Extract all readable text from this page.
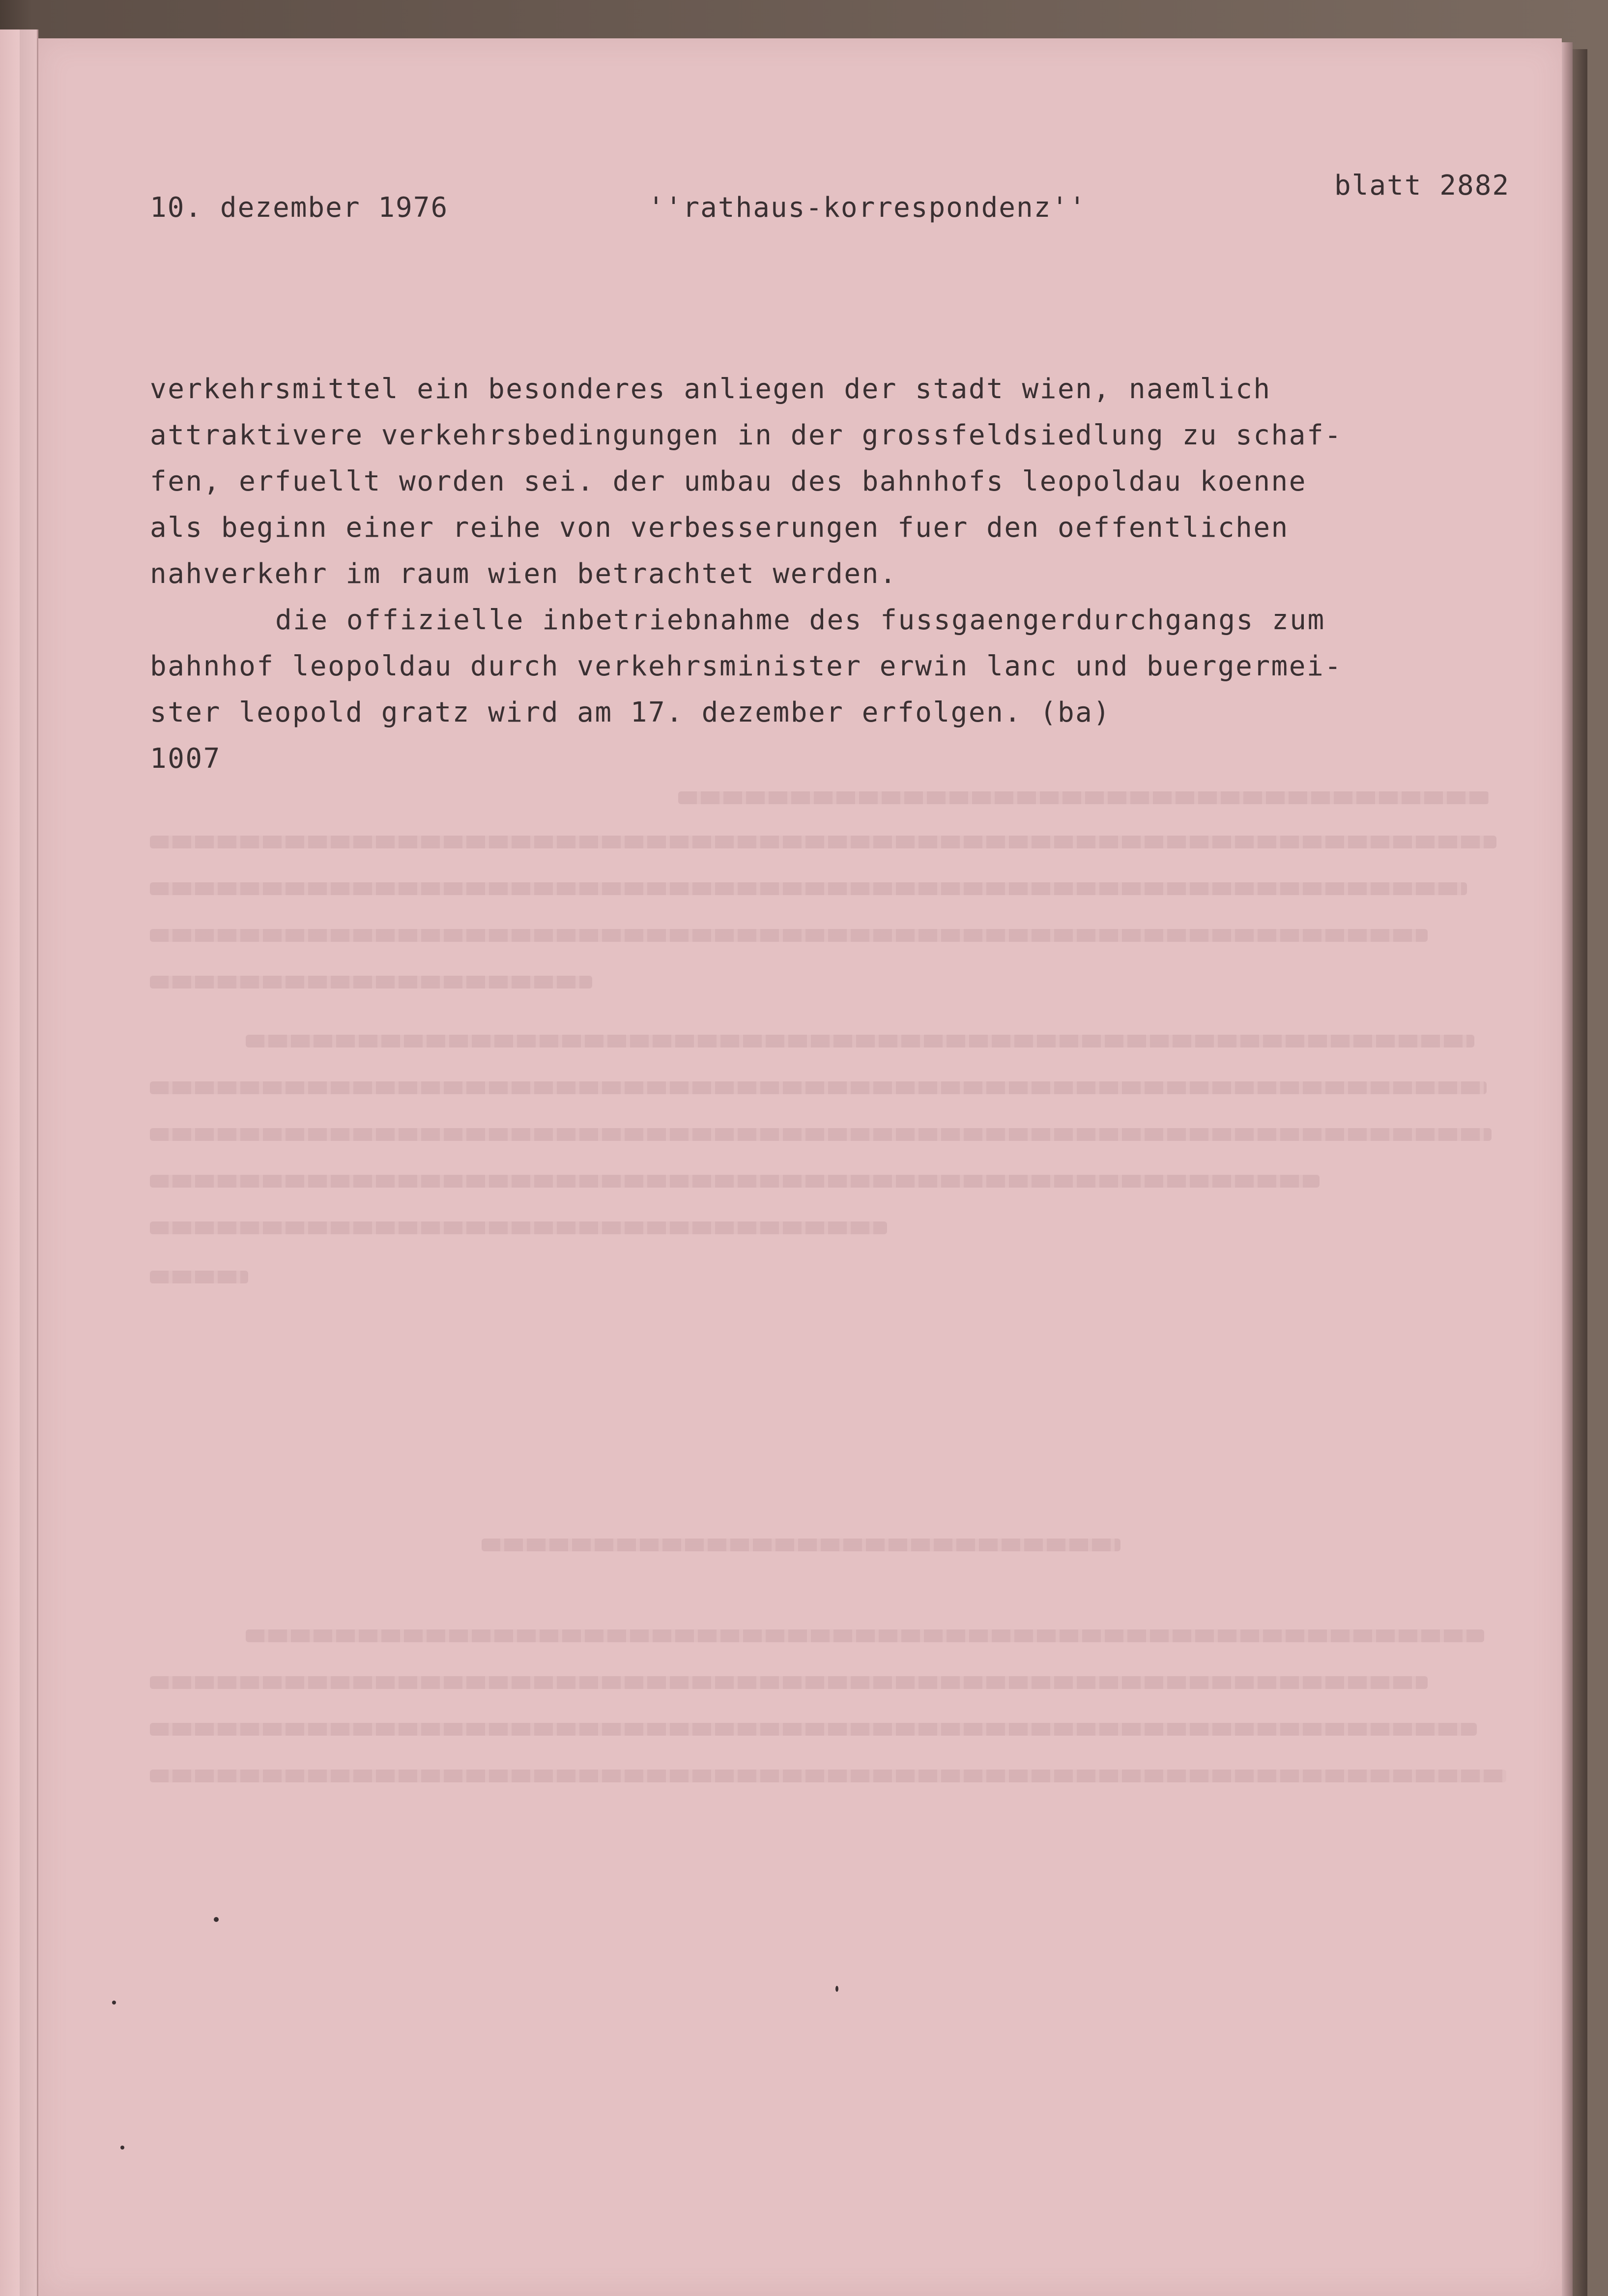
10. dezember 1976	''rathaus-korrespondenz''
blatt 2882
verkehrsmittel ein besonderes anliegen der stadt wien, naemlich
attraktivere verkehrsbedingungen in der grossfeldsiedlung zu schaf-
fen, erfuellt worden sei. der umbau des bahnhofs leopoldau koenne
als beginn einer reihe von verbesserungen fuer den oeffentlichen
nahverkehr im raum wien betrachtet werden.
die offizielle inbetriebnahme des fussgaengerdurchgangs zum
bahnhof leopoldau durch verkehrsminister erwin lanc und buergermei-
ster leopold gratz wird am 17. dezember erfolgen. (ba)
1007
